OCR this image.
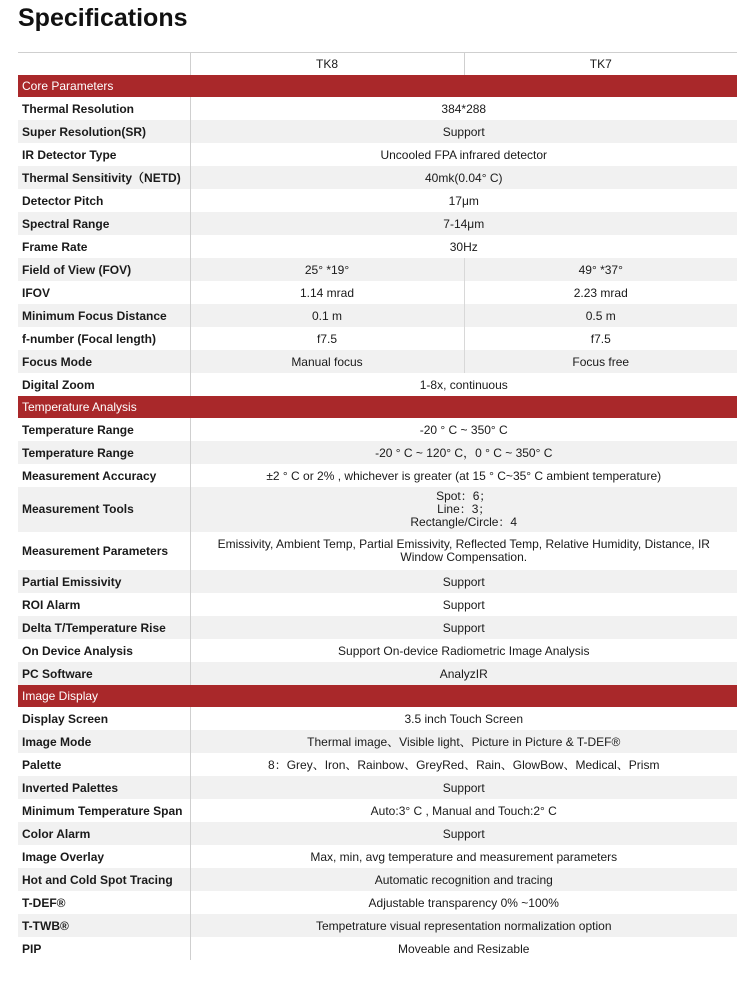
Specifications
	TK8	TK7
Core Parameters		
Thermal Resolution	384*288	
Super Resolution(SR)	Support	
IR Detector Type	Uncooled FPA infrared detector	
Thermal Sensitivity（NETD)	40mk(0.04° C)	
Detector Pitch	17μm	
Spectral Range	7-14μm	
Frame Rate	30Hz	
Field of View (FOV)	25° *19°	49° *37°
IFOV	1.14 mrad	2.23 mrad
Minimum Focus Distance	0.1 m	0.5 m
f-number (Focal length)	f7.5	f7.5
Focus Mode	Manual focus	Focus free
Digital Zoom	1-8x, continuous	
Temperature Analysis		
Temperature Range	-20 ° C ~ 350° C	
Temperature Range	-20 ° C ~ 120° C，0 ° C ~ 350° C	
Measurement Accuracy	±2 ° C or 2% , whichever is greater (at 15 ° C~35° C ambient temperature)	
Measurement Tools	Spot：6；
Line：3；
Rectangle/Circle：4	

Measurement Parameters	Emissivity, Ambient Temp, Partial Emissivity, Reflected Temp, Relative Humidity, Distance, IR
Window Compensation.	

Partial Emissivity	Support	
ROI Alarm	Support	
Delta T/Temperature Rise	Support	
On Device Analysis	Support On-device Radiometric Image Analysis	
PC Software	AnalyzIR	
Image Display		
Display Screen	3.5 inch Touch Screen	
Image Mode	Thermal image、Visible light、Picture in Picture & T-DEF®	
Palette	8：Grey、Iron、Rainbow、GreyRed、Rain、GlowBow、Medical、Prism	
Inverted Palettes	Support	
Minimum Temperature Span	Auto:3° C , Manual and Touch:2° C	
Color Alarm	Support	
Image Overlay	Max, min, avg temperature and measurement parameters	
Hot and Cold Spot Tracing	Automatic recognition and tracing	
T-DEF®	Adjustable transparency 0% ~100%	
T-TWB®	Tempetrature visual representation normalization option	
PIP	Moveable and Resizable	
